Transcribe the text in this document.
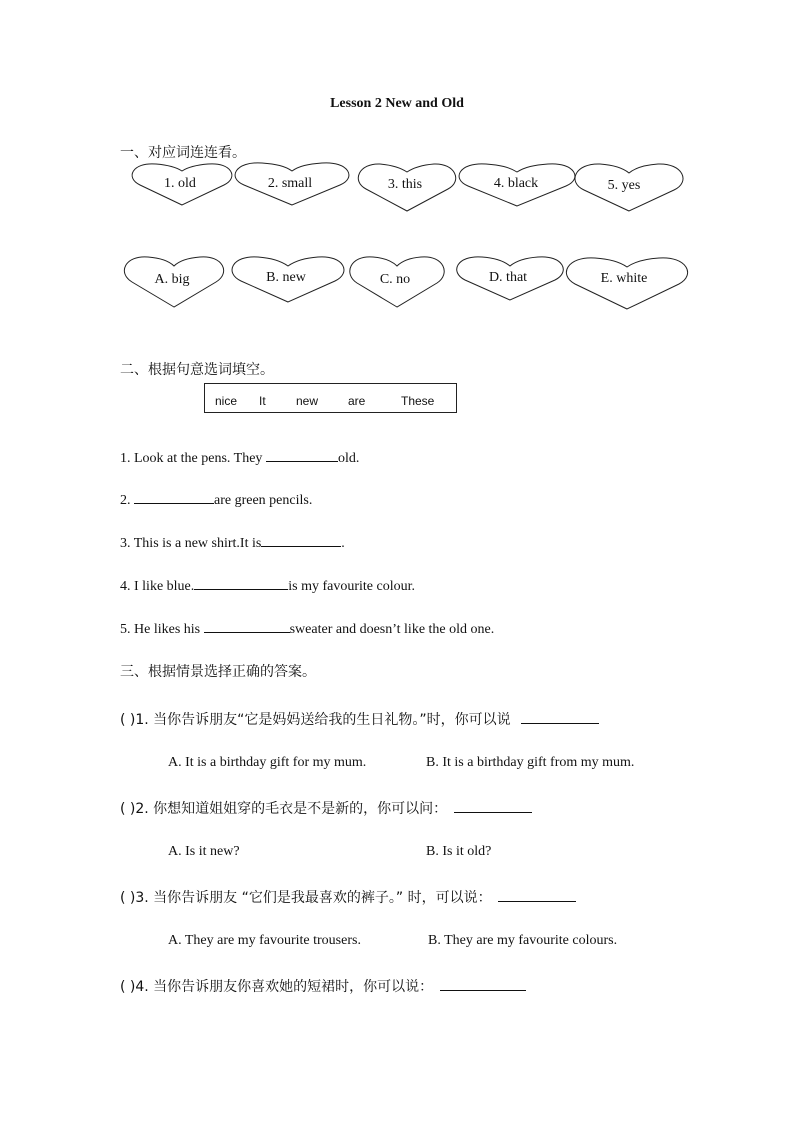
Lesson 2 New and Old
一、对应词连连看。
1. old	2. small	3. this	4. black	5. yes
A. big	B. new	C. no	D. that	E. white
二、根据句意选词填空。
nice It	new are	These
1. Look at the pens. They	old.
2.	are green pencils.
3. This is a new shirt.It is	.
4. I like blue.	is my favourite colour.
5. He likes his	sweater and doesn’t like the old one.
三、根据情景选择正确的答案。
( )1. 当你告诉朋友“它是妈妈送给我的生日礼物。”时，你可以说
A. It is a birthday gift for my mum.	B. It is a birthday gift from my mum.
( )2. 你想知道姐姐穿的毛衣是不是新的，你可以问：
A. Is it new?	B. Is it old?
( )3. 当你告诉朋友 “它们是我最喜欢的裤子。” 时，可以说：
A. They are my favourite trousers.	B. They are my favourite colours.
( )4. 当你告诉朋友你喜欢她的短裙时，你可以说：
